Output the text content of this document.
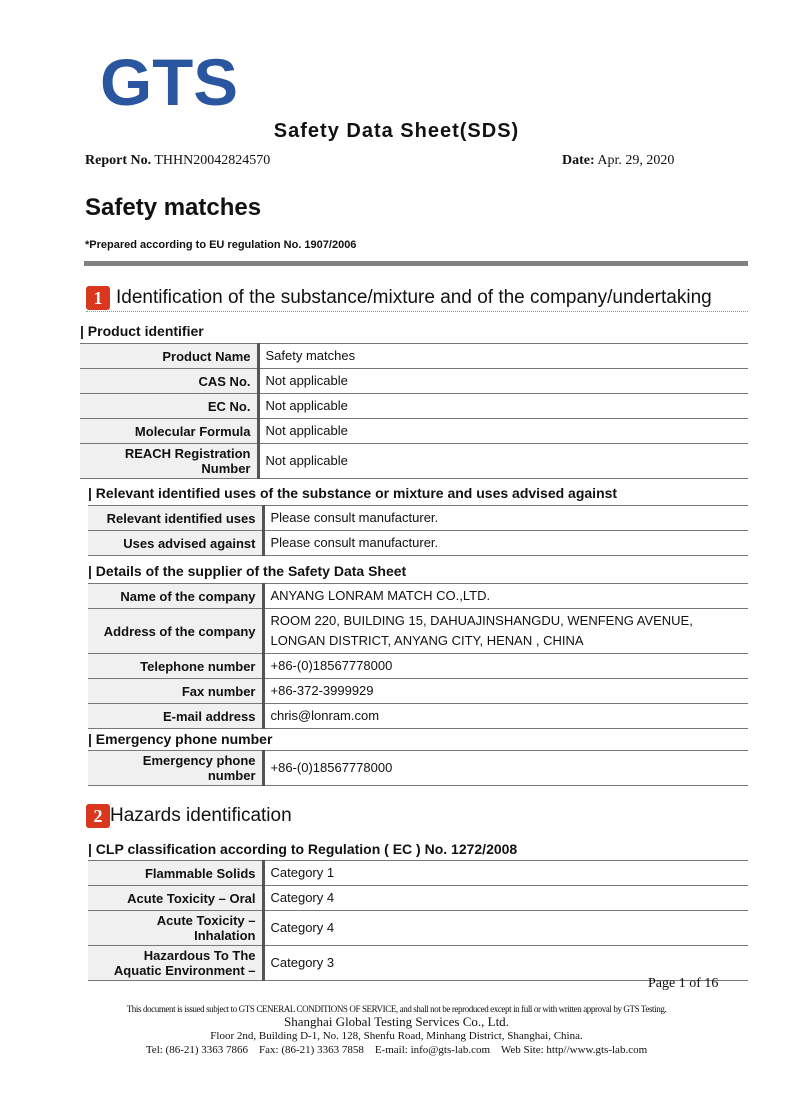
GTS
Safety Data Sheet(SDS)
Report No. THHN20042824570	Date: Apr. 29, 2020
Safety matches
*Prepared according to EU regulation No. 1907/2006
1 Identification of the substance/mixture and of the company/undertaking
| Product identifier
Product Name	Safety matches
CAS No.	Not applicable
EC No.	Not applicable
Molecular Formula	Not applicable
REACH Registration Number	Not applicable
| Relevant identified uses of the substance or mixture and uses advised against
Relevant identified uses	Please consult manufacturer.
Uses advised against	Please consult manufacturer.
| Details of the supplier of the Safety Data Sheet
Name of the company	ANYANG LONRAM MATCH CO.,LTD.
Address of the company	ROOM 220, BUILDING 15, DAHUAJINSHANGDU, WENFENG AVENUE, LONGAN DISTRICT, ANYANG CITY, HENAN , CHINA
Telephone number	+86-(0)18567778000
Fax number	+86-372-3999929
E-mail address	chris@lonram.com
| Emergency phone number
Emergency phone number	+86-(0)18567778000
2 Hazards identification
| CLP classification according to Regulation ( EC ) No. 1272/2008
Flammable Solids	Category 1
Acute Toxicity – Oral	Category 4
Acute Toxicity – Inhalation	Category 4
Hazardous To The Aquatic Environment –	Category 3
Page 1 of 16
This document is issued subject to GTS CENERAL CONDITIONS OF SERVICE, and shall not be reproduced except in full or with written approval by GTS Testing.
Shanghai Global Testing Services Co., Ltd.
Floor 2nd, Building D-1, No. 128, Shenfu Road, Minhang District, Shanghai, China.
Tel: (86-21) 3363 7866    Fax: (86-21) 3363 7858    E-mail: info@gts-lab.com    Web Site: http//www.gts-lab.com
